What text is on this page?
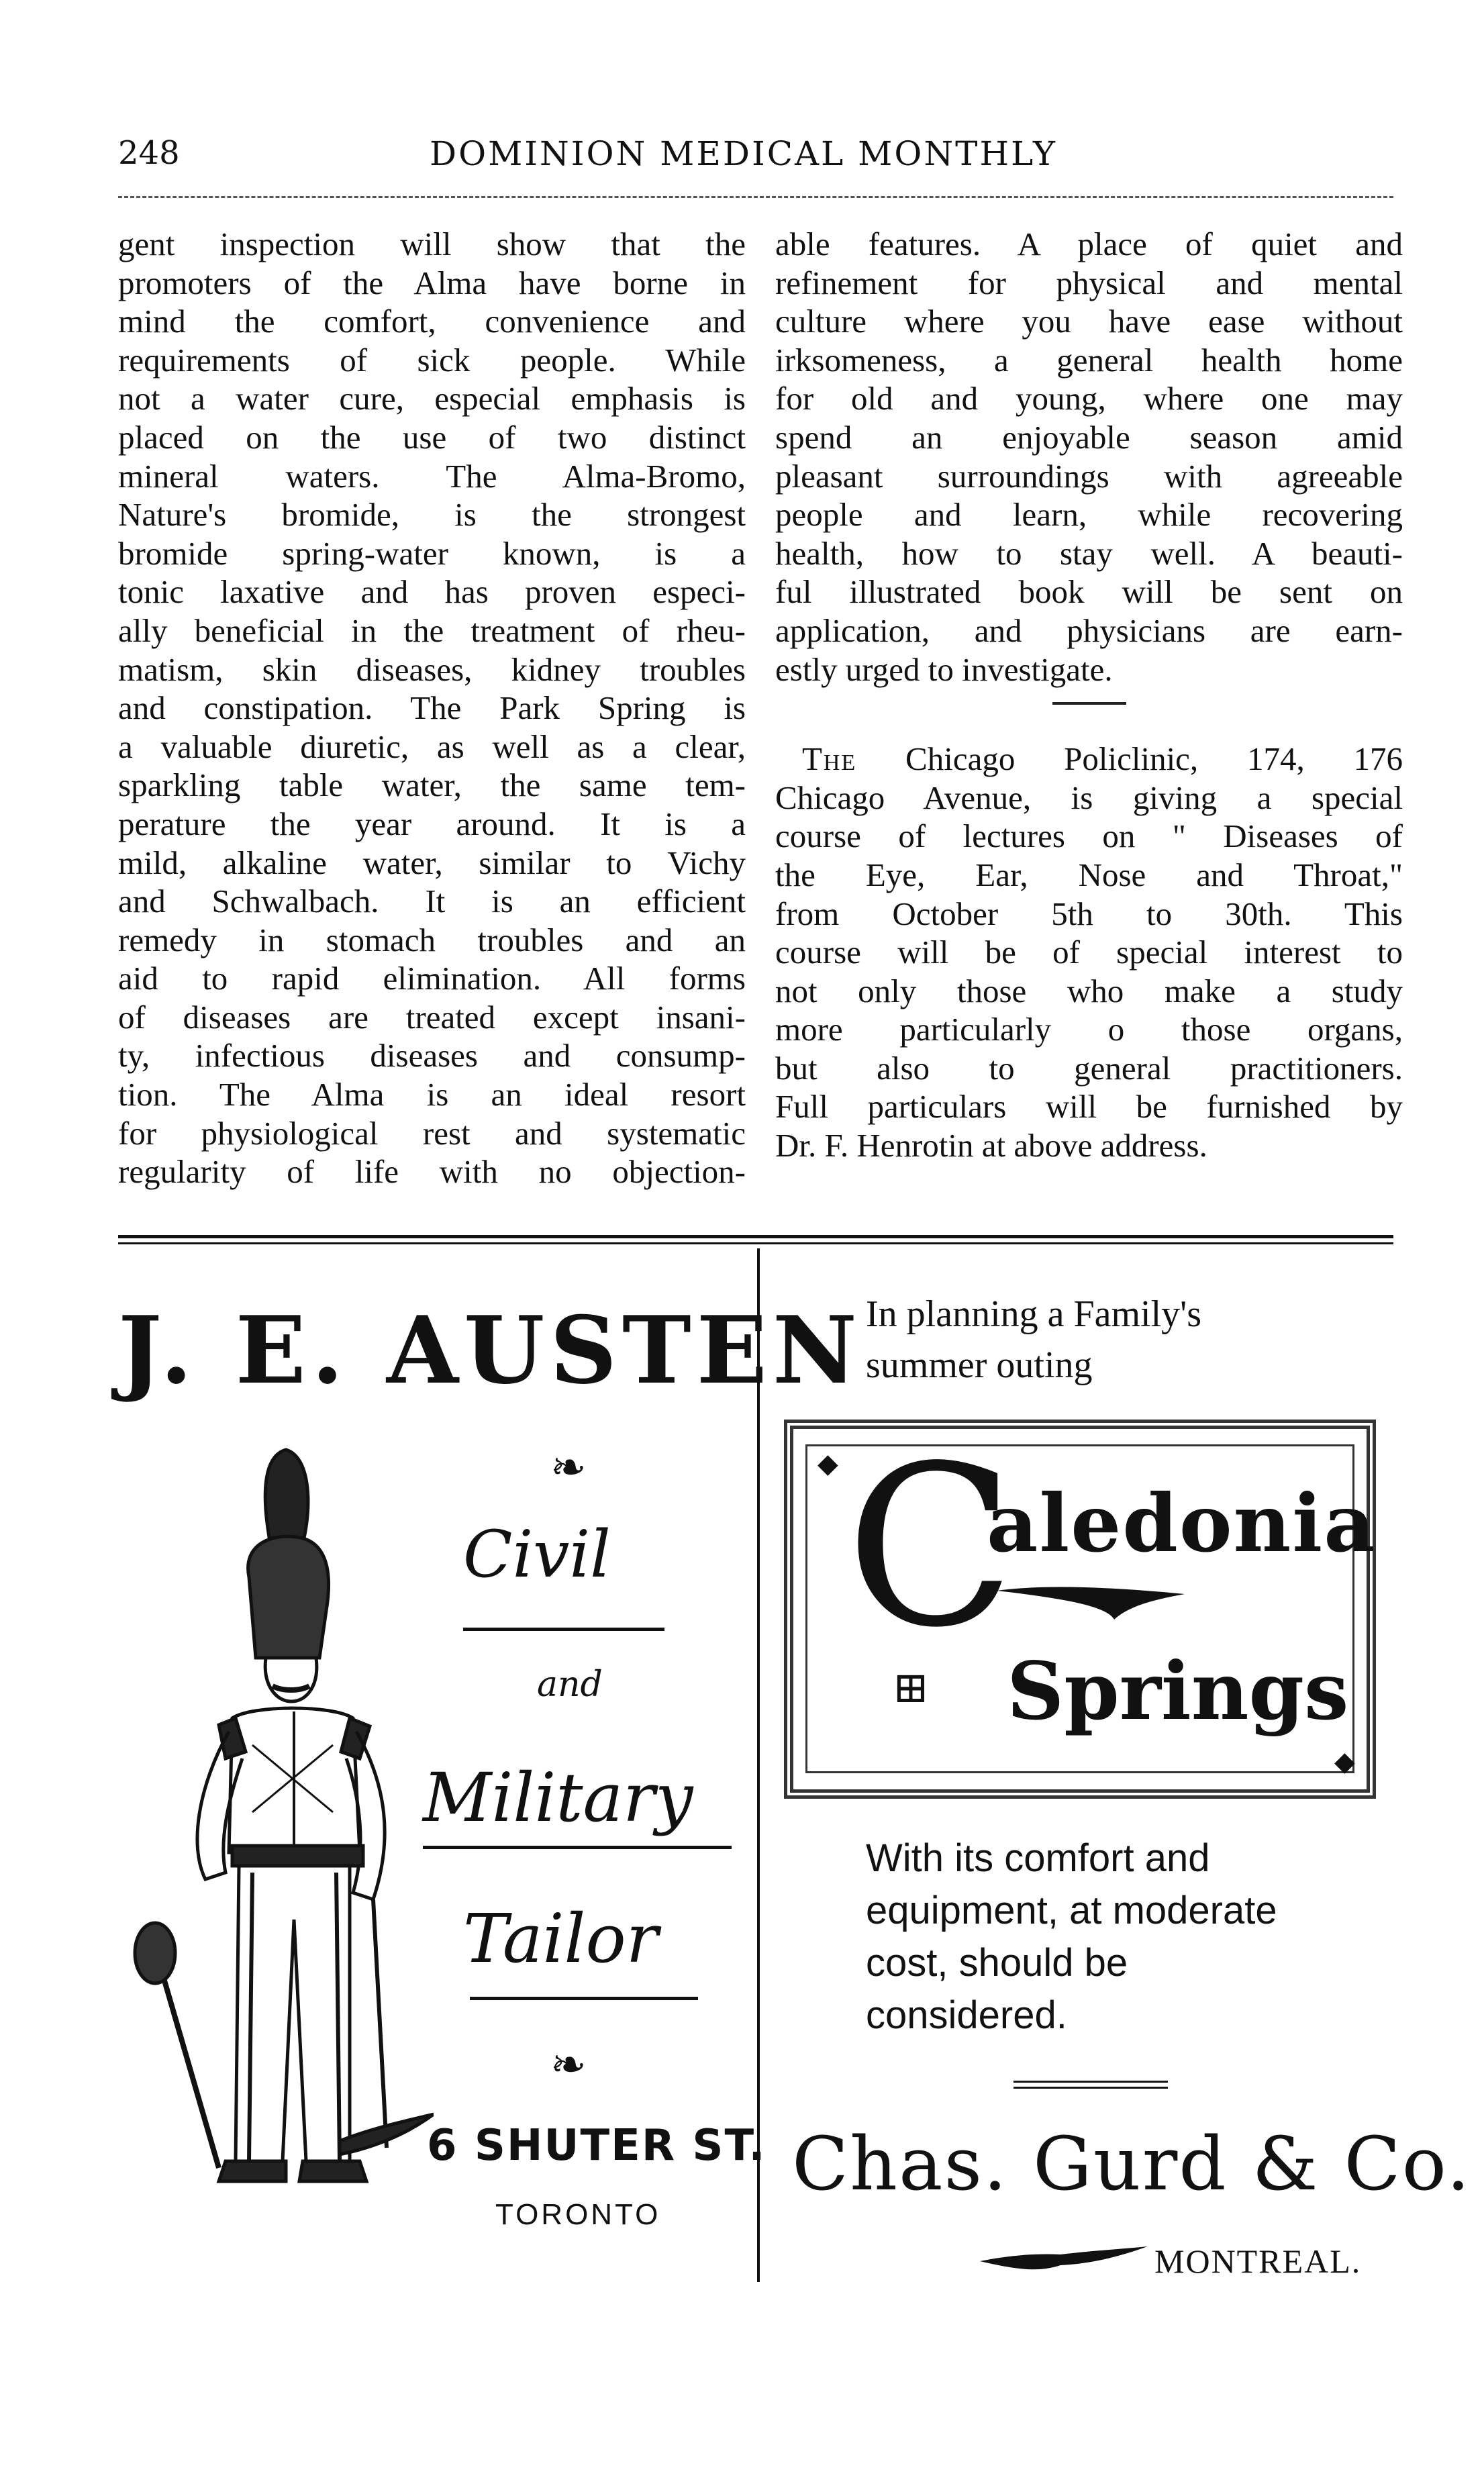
248	DOMINION MEDICAL MONTHLY
gent inspection will show that the
promoters of the Alma have borne in
mind the comfort, convenience and
requirements of sick people. While
not a water cure, especial emphasis is
placed on the use of two distinct
mineral waters. The Alma-Bromo,
Nature's bromide, is the strongest
bromide spring-water known, is a
tonic laxative and has proven especi-
ally beneficial in the treatment of rheu-
matism, skin diseases, kidney troubles
and constipation. The Park Spring is
a valuable diuretic, as well as a clear,
sparkling table water, the same tem-
perature the year around. It is a
mild, alkaline water, similar to Vichy
and Schwalbach. It is an efficient
remedy in stomach troubles and an
aid to rapid elimination. All forms
of diseases are treated except insani-
ty, infectious diseases and consump-
tion. The Alma is an ideal resort
for physiological rest and systematic
regularity of life with no objection-
able features. A place of quiet and
refinement for physical and mental
culture where you have ease without
irksomeness, a general health home
for old and young, where one may
spend an enjoyable season amid
pleasant surroundings with agreeable
people and learn, while recovering
health, how to stay well. A beauti-
ful illustrated book will be sent on
application, and physicians are earn-
estly urged to investigate.
The Chicago Policlinic, 174, 176
Chicago Avenue, is giving a special
course of lectures on " Diseases of
the Eye, Ear, Nose and Throat,"
from October 5th to 30th. This
course will be of special interest to
not only those who make a study
more particularly o those organs,
but also to general practitioners.
Full particulars will be furnished by
Dr. F. Henrotin at above address.
J. E. AUSTEN
❧
Civil
and
Military
Tailor
❧
6 SHUTER ST.
TORONTO
In planning a Family's
summer outing
◆
◆
C
aledonia
⊞ Springs
With its comfort and
equipment, at moderate
cost, should be
considered.
Chas. Gurd & Co.
MONTREAL.
